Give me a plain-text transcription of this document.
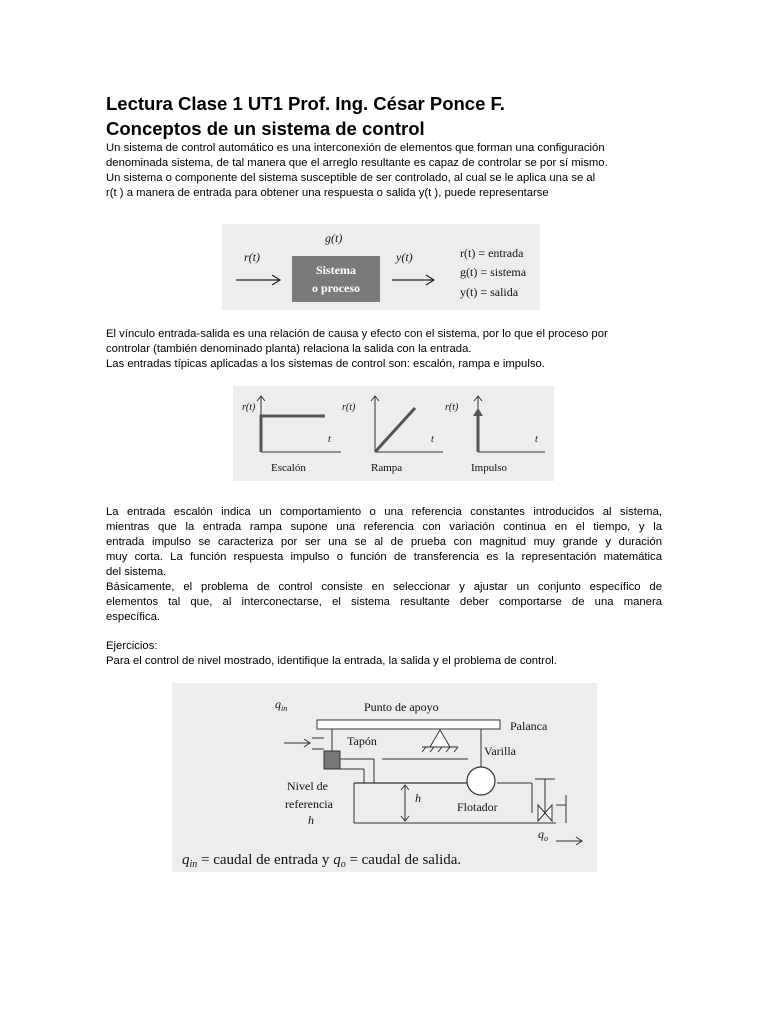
Lectura Clase 1 UT1 Prof. Ing. César Ponce F.
Conceptos de un sistema de control
Un sistema de control automático es una interconexión de elementos que forman una configuración
denominada sistema, de tal manera que el arreglo resultante es capaz de controlar se por sí mismo.
Un sistema o componente del sistema susceptible de ser controlado, al cual se le aplica una se al
r(t ) a manera de entrada para obtener una respuesta o salida y(t ), puede representarse
g(t)
r(t)
Sistema
o proceso
y(t)	r(t) = entrada
g(t) = sistema
y(t) = salida
El vínculo entrada-salida es una relación de causa y efecto con el sistema, por lo que el proceso por
controlar (también denominado planta) relaciona la salida con la entrada.
Las entradas típicas aplicadas a los sistemas de control son: escalón, rampa e impulso.
r(t)
t
Escalón
r(t)
t
Rampa
r(t)
t
Impulso
La entrada escalón indica un comportamiento o una referencia constantes introducidos al sistema,
mientras que la entrada rampa supone una referencia con variación continua en el tiempo, y la
entrada impulso se caracteriza por ser una se al de prueba con magnitud muy grande y duración
muy corta. La función respuesta impulso o función de transferencia es la representación matemática
del sistema.
Básicamente, el problema de control consiste en seleccionar y ajustar un conjunto específico de
elementos tal que, al interconectarse, el sistema resultante deber comportarse de una manera
específica.
Ejercicios:
Para el control de nivel mostrado, identifique la entrada, la salida y el problema de control.
$q_{in}$	Punto de apoyo
Palanca
Tapón
Varilla
Flotador
h
Nivel de
referencia
h
$q_o$
$q_{in}$ = caudal de entrada y $q_o$ = caudal de salida.
